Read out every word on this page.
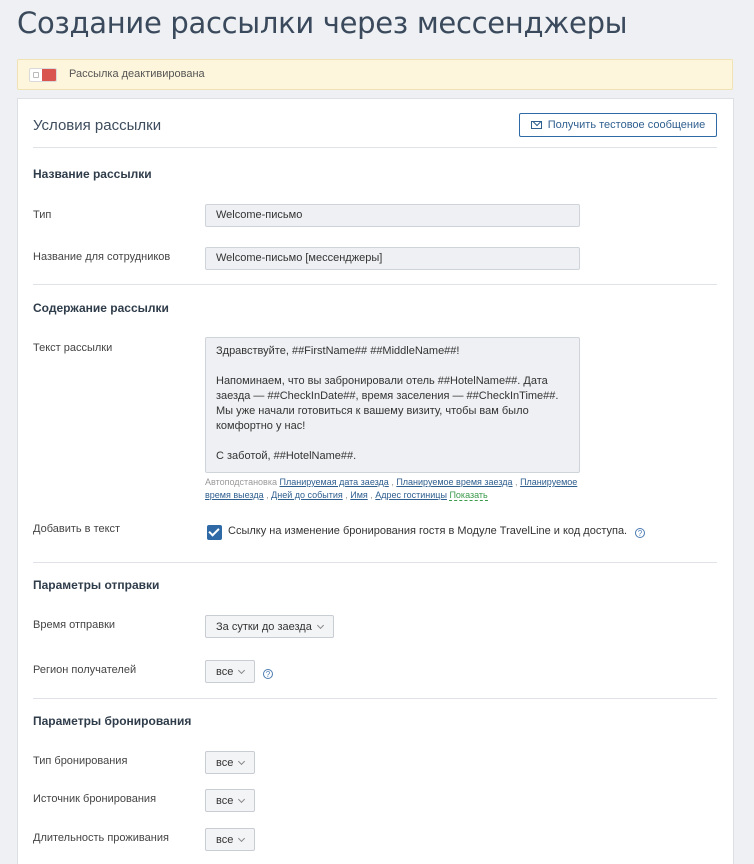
Создание рассылки через мессенджеры
Рассылка деактивирована
Условия рассылки	Получить тестовое сообщение
Название рассылки
Тип	Welcome-письмо
Название для сотрудников	Welcome-письмо [мессенджеры]
Содержание рассылки
Текст рассылки	Здравствуйте, ##FirstName## ##MiddleName##!

Напоминаем, что вы забронировали отель ##HotelName##. Дата заезда — ##CheckInDate##, время заселения — ##CheckInTime##. Мы уже начали готовиться к вашему визиту, чтобы вам было комфортно у нас!

С заботой, ##HotelName##.
Автоподстановка Планируемая дата заезда , Планируемое время заезда , Планируемое время выезда , Дней до события , Имя , Адрес гостиницы Показать
Добавить в текст	Ссылку на изменение бронирования гостя в Модуле TravelLine и код доступа.	?
Параметры отправки
Время отправки	За сутки до заезда
Регион получателей	все	?
Параметры бронирования
Тип бронирования	все
Источник бронирования	все
Длительность проживания	все
